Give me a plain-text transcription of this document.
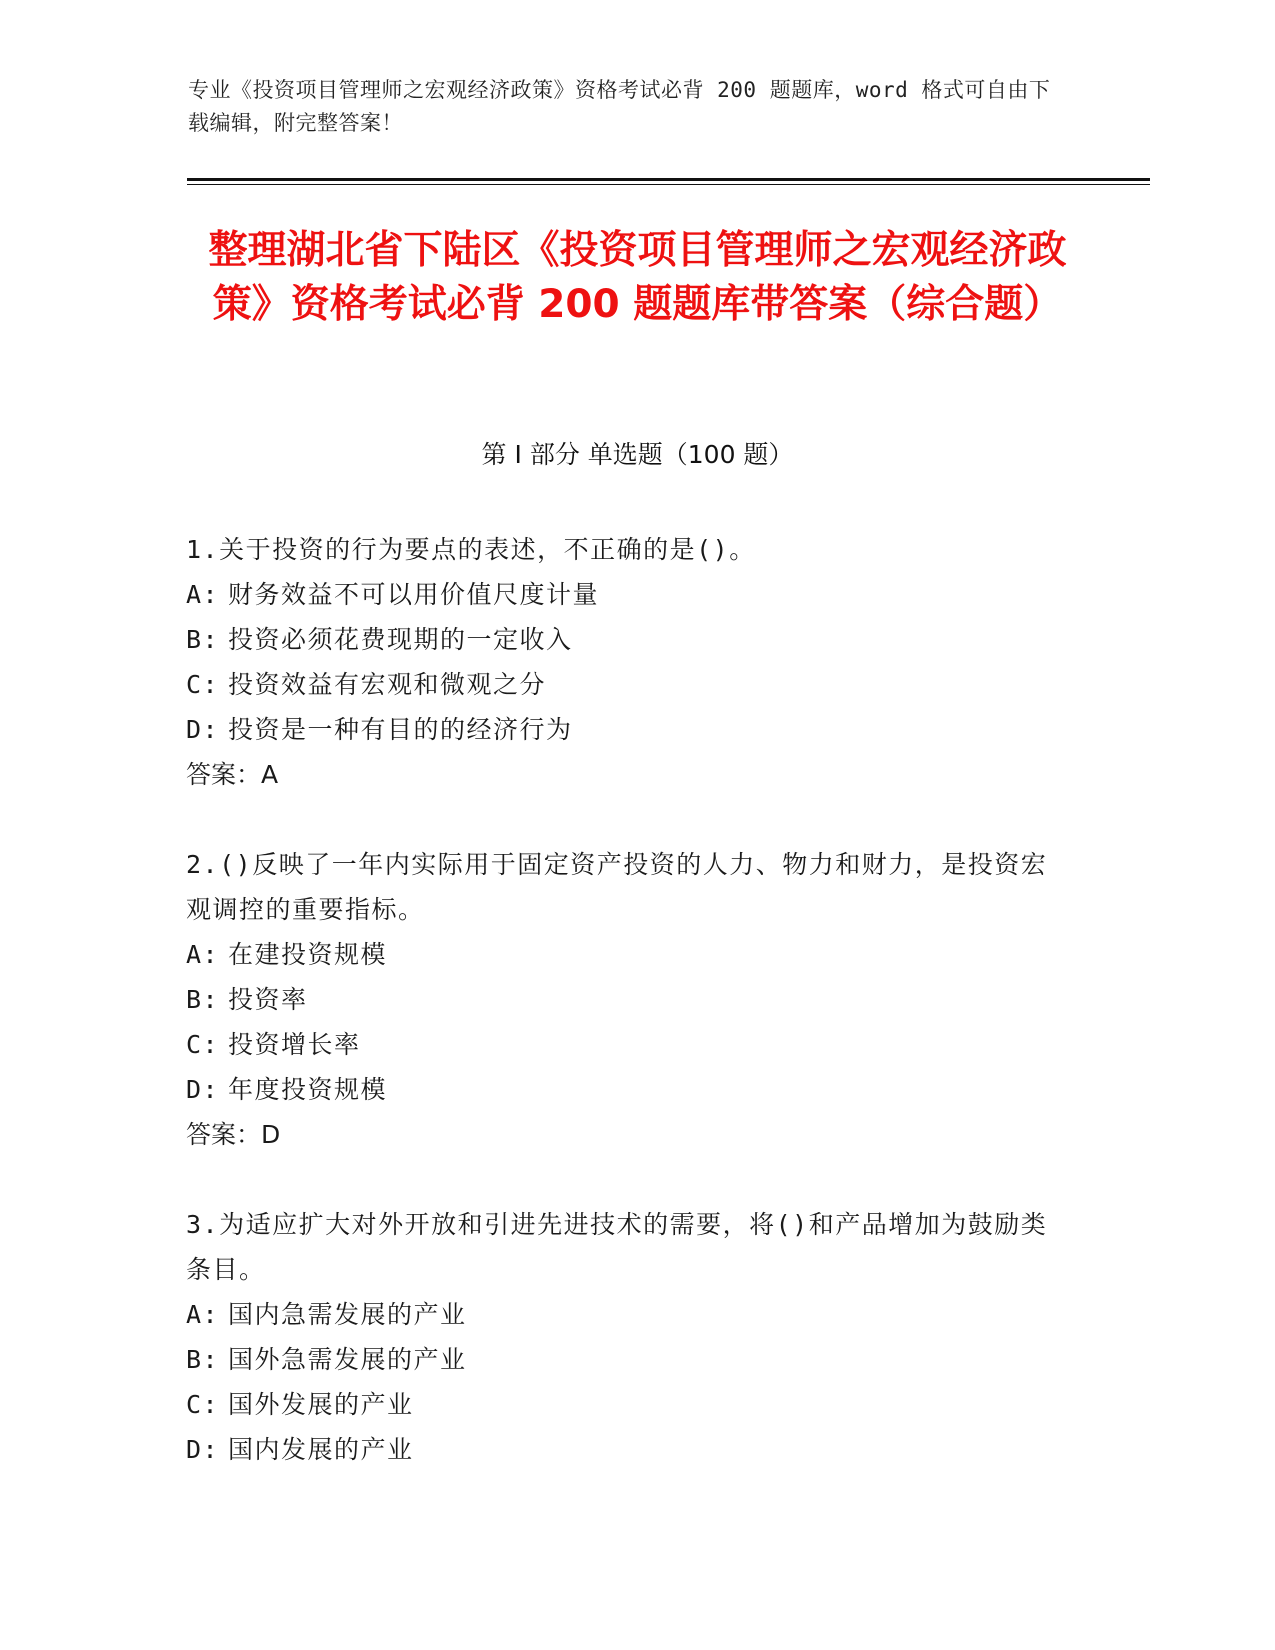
专业《投资项目管理师之宏观经济政策》资格考试必背 200 题题库，word 格式可自由下载编辑，附完整答案！
整理湖北省下陆区《投资项目管理师之宏观经济政策》资格考试必背 200 题题库带答案（综合题）
第 I 部分 单选题（100 题）

1.关于投资的行为要点的表述，不正确的是()。

A: 财务效益不可以用价值尺度计量

B: 投资必须花费现期的一定收入

C: 投资效益有宏观和微观之分

D: 投资是一种有目的的经济行为

答案：A

2.()反映了一年内实际用于固定资产投资的人力、物力和财力，是投资宏观调控的重要指标。

A: 在建投资规模

B: 投资率

C: 投资增长率

D: 年度投资规模

答案：D

3.为适应扩大对外开放和引进先进技术的需要，将()和产品增加为鼓励类条目。

A: 国内急需发展的产业

B: 国外急需发展的产业

C: 国外发展的产业

D: 国内发展的产业
